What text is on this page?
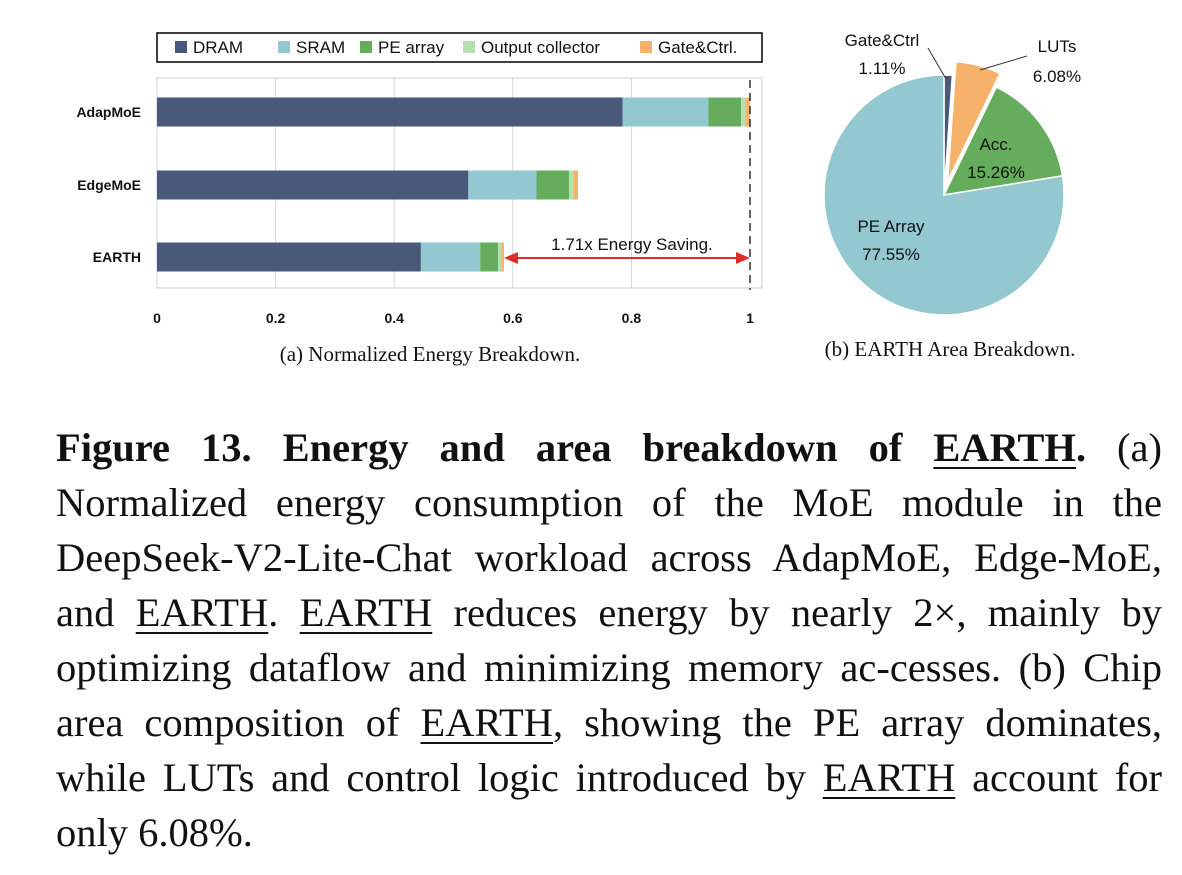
DRAM	SRAM PE array Output collector	Gate&Ctrl.
AdapMoE
EdgeMoE
EARTH
0	0.2	0.4	0.6	0.8	1
1.71x Energy Saving.
(a) Normalized Energy Breakdown.
Gate&Ctrl
1.11%
LUTs
6.08%
Acc.
15.26%
PE Array
77.55%
(b) EARTH Area Breakdown.

Figure 13. Energy and area breakdown of EARTH. (a) Normalized energy consumption of the MoE module in the DeepSeek-V2-Lite-Chat workload across AdapMoE, Edge-MoE, and EARTH. EARTH reduces energy by nearly 2×, mainly by optimizing dataflow and minimizing memory ac-cesses. (b) Chip area composition of EARTH, showing the PE array dominates, while LUTs and control logic introduced by EARTH account for only 6.08%.
